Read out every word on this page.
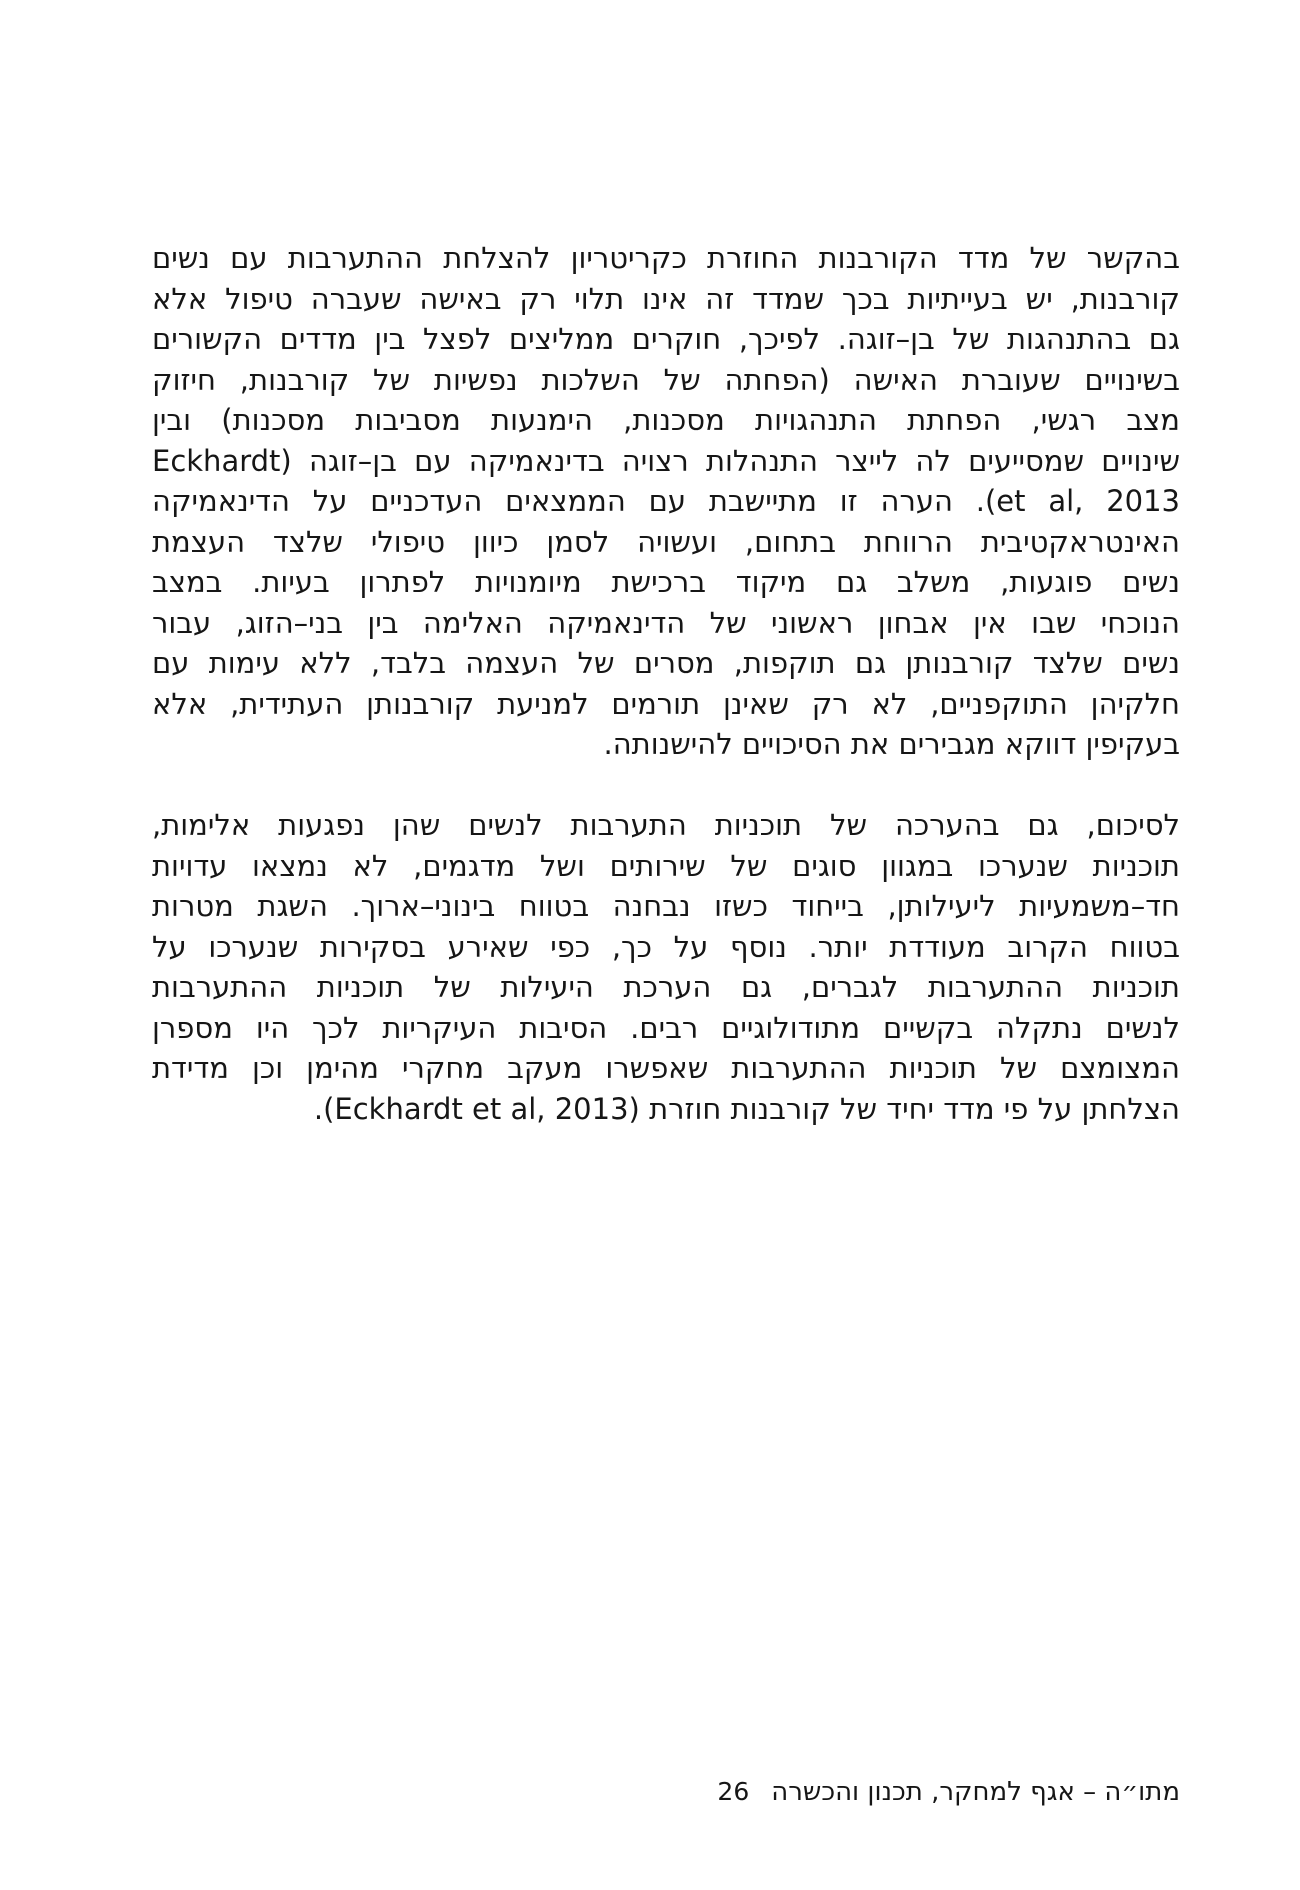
בהקשר של מדד הקורבנות החוזרת כקריטריון להצלחת ההתערבות עם נשים
קורבנות, יש בעייתיות בכך שמדד זה אינו תלוי רק באישה שעברה טיפול אלא
גם בהתנהגות של בן–זוגה. לפיכך, חוקרים ממליצים לפצל בין מדדים הקשורים
בשינויים שעוברת האישה (הפחתה של השלכות נפשיות של קורבנות, חיזוק
מצב רגשי, הפחתת התנהגויות מסכנות, הימנעות מסביבות מסכנות) ובין
שינויים שמסייעים לה לייצר התנהלות רצויה בדינאמיקה עם בן–זוגה (Eckhardt
et al, 2013). הערה זו מתיישבת עם הממצאים העדכניים על הדינאמיקה
האינטראקטיבית הרווחת בתחום, ועשויה לסמן כיוון טיפולי שלצד העצמת
נשים פוגעות, משלב גם מיקוד ברכישת מיומנויות לפתרון בעיות. במצב
הנוכחי שבו אין אבחון ראשוני של הדינאמיקה האלימה בין בני–הזוג, עבור
נשים שלצד קורבנותן גם תוקפות, מסרים של העצמה בלבד, ללא עימות עם
חלקיהן התוקפניים, לא רק שאינן תורמים למניעת קורבנותן העתידית, אלא
בעקיפין דווקא מגבירים את הסיכויים להישנותה.
לסיכום, גם בהערכה של תוכניות התערבות לנשים שהן נפגעות אלימות,
תוכניות שנערכו במגוון סוגים של שירותים ושל מדגמים, לא נמצאו עדויות
חד–משמעיות ליעילותן, בייחוד כשזו נבחנה בטווח בינוני–ארוך. השגת מטרות
בטווח הקרוב מעודדת יותר. נוסף על כך, כפי שאירע בסקירות שנערכו על
תוכניות ההתערבות לגברים, גם הערכת היעילות של תוכניות ההתערבות
לנשים נתקלה בקשיים מתודולוגיים רבים. הסיבות העיקריות לכך היו מספרן
המצומצם של תוכניות ההתערבות שאפשרו מעקב מחקרי מהימן וכן מדידת
הצלחתן על פי מדד יחיד של קורבנות חוזרת (Eckhardt et al, 2013).
מתו״ה – אגף למחקר, תכנון והכשרה
26
